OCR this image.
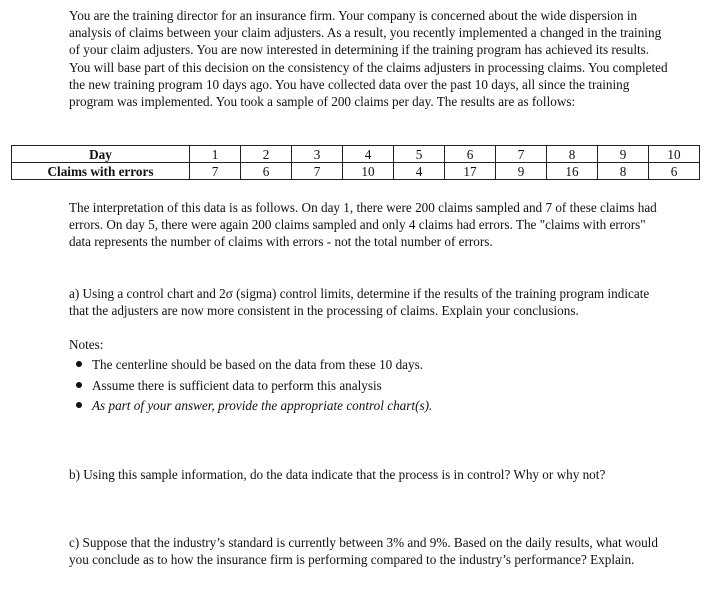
You are the training director for an insurance firm. Your company is concerned about the wide dispersion in analysis of claims between your claim adjusters. As a result, you recently implemented a changed in the training of your claim adjusters. You are now interested in determining if the training program has achieved its results. You will base part of this decision on the consistency of the claims adjusters in processing claims. You completed the new training program 10 days ago. You have collected data over the past 10 days, all since the training program was implemented. You took a sample of 200 claims per day. The results are as follows:

Day	1	2	3	4	5	6	7	8	9	10
Claims with errors	7	6	7	10	4	17	9	16	8	6

The interpretation of this data is as follows. On day 1, there were 200 claims sampled and 7 of these claims had errors. On day 5, there were again 200 claims sampled and only 4 claims had errors. The "claims with errors" data represents the number of claims with errors - not the total number of errors.

a) Using a control chart and 2σ (sigma) control limits, determine if the results of the training program indicate that the adjusters are now more consistent in the processing of claims. Explain your conclusions.

Notes:

The centerline should be based on the data from these 10 days.
Assume there is sufficient data to perform this analysis
As part of your answer, provide the appropriate control chart(s).

b) Using this sample information, do the data indicate that the process is in control? Why or why not?

c) Suppose that the industry’s standard is currently between 3% and 9%. Based on the daily results, what would you conclude as to how the insurance firm is performing compared to the industry’s performance? Explain.
